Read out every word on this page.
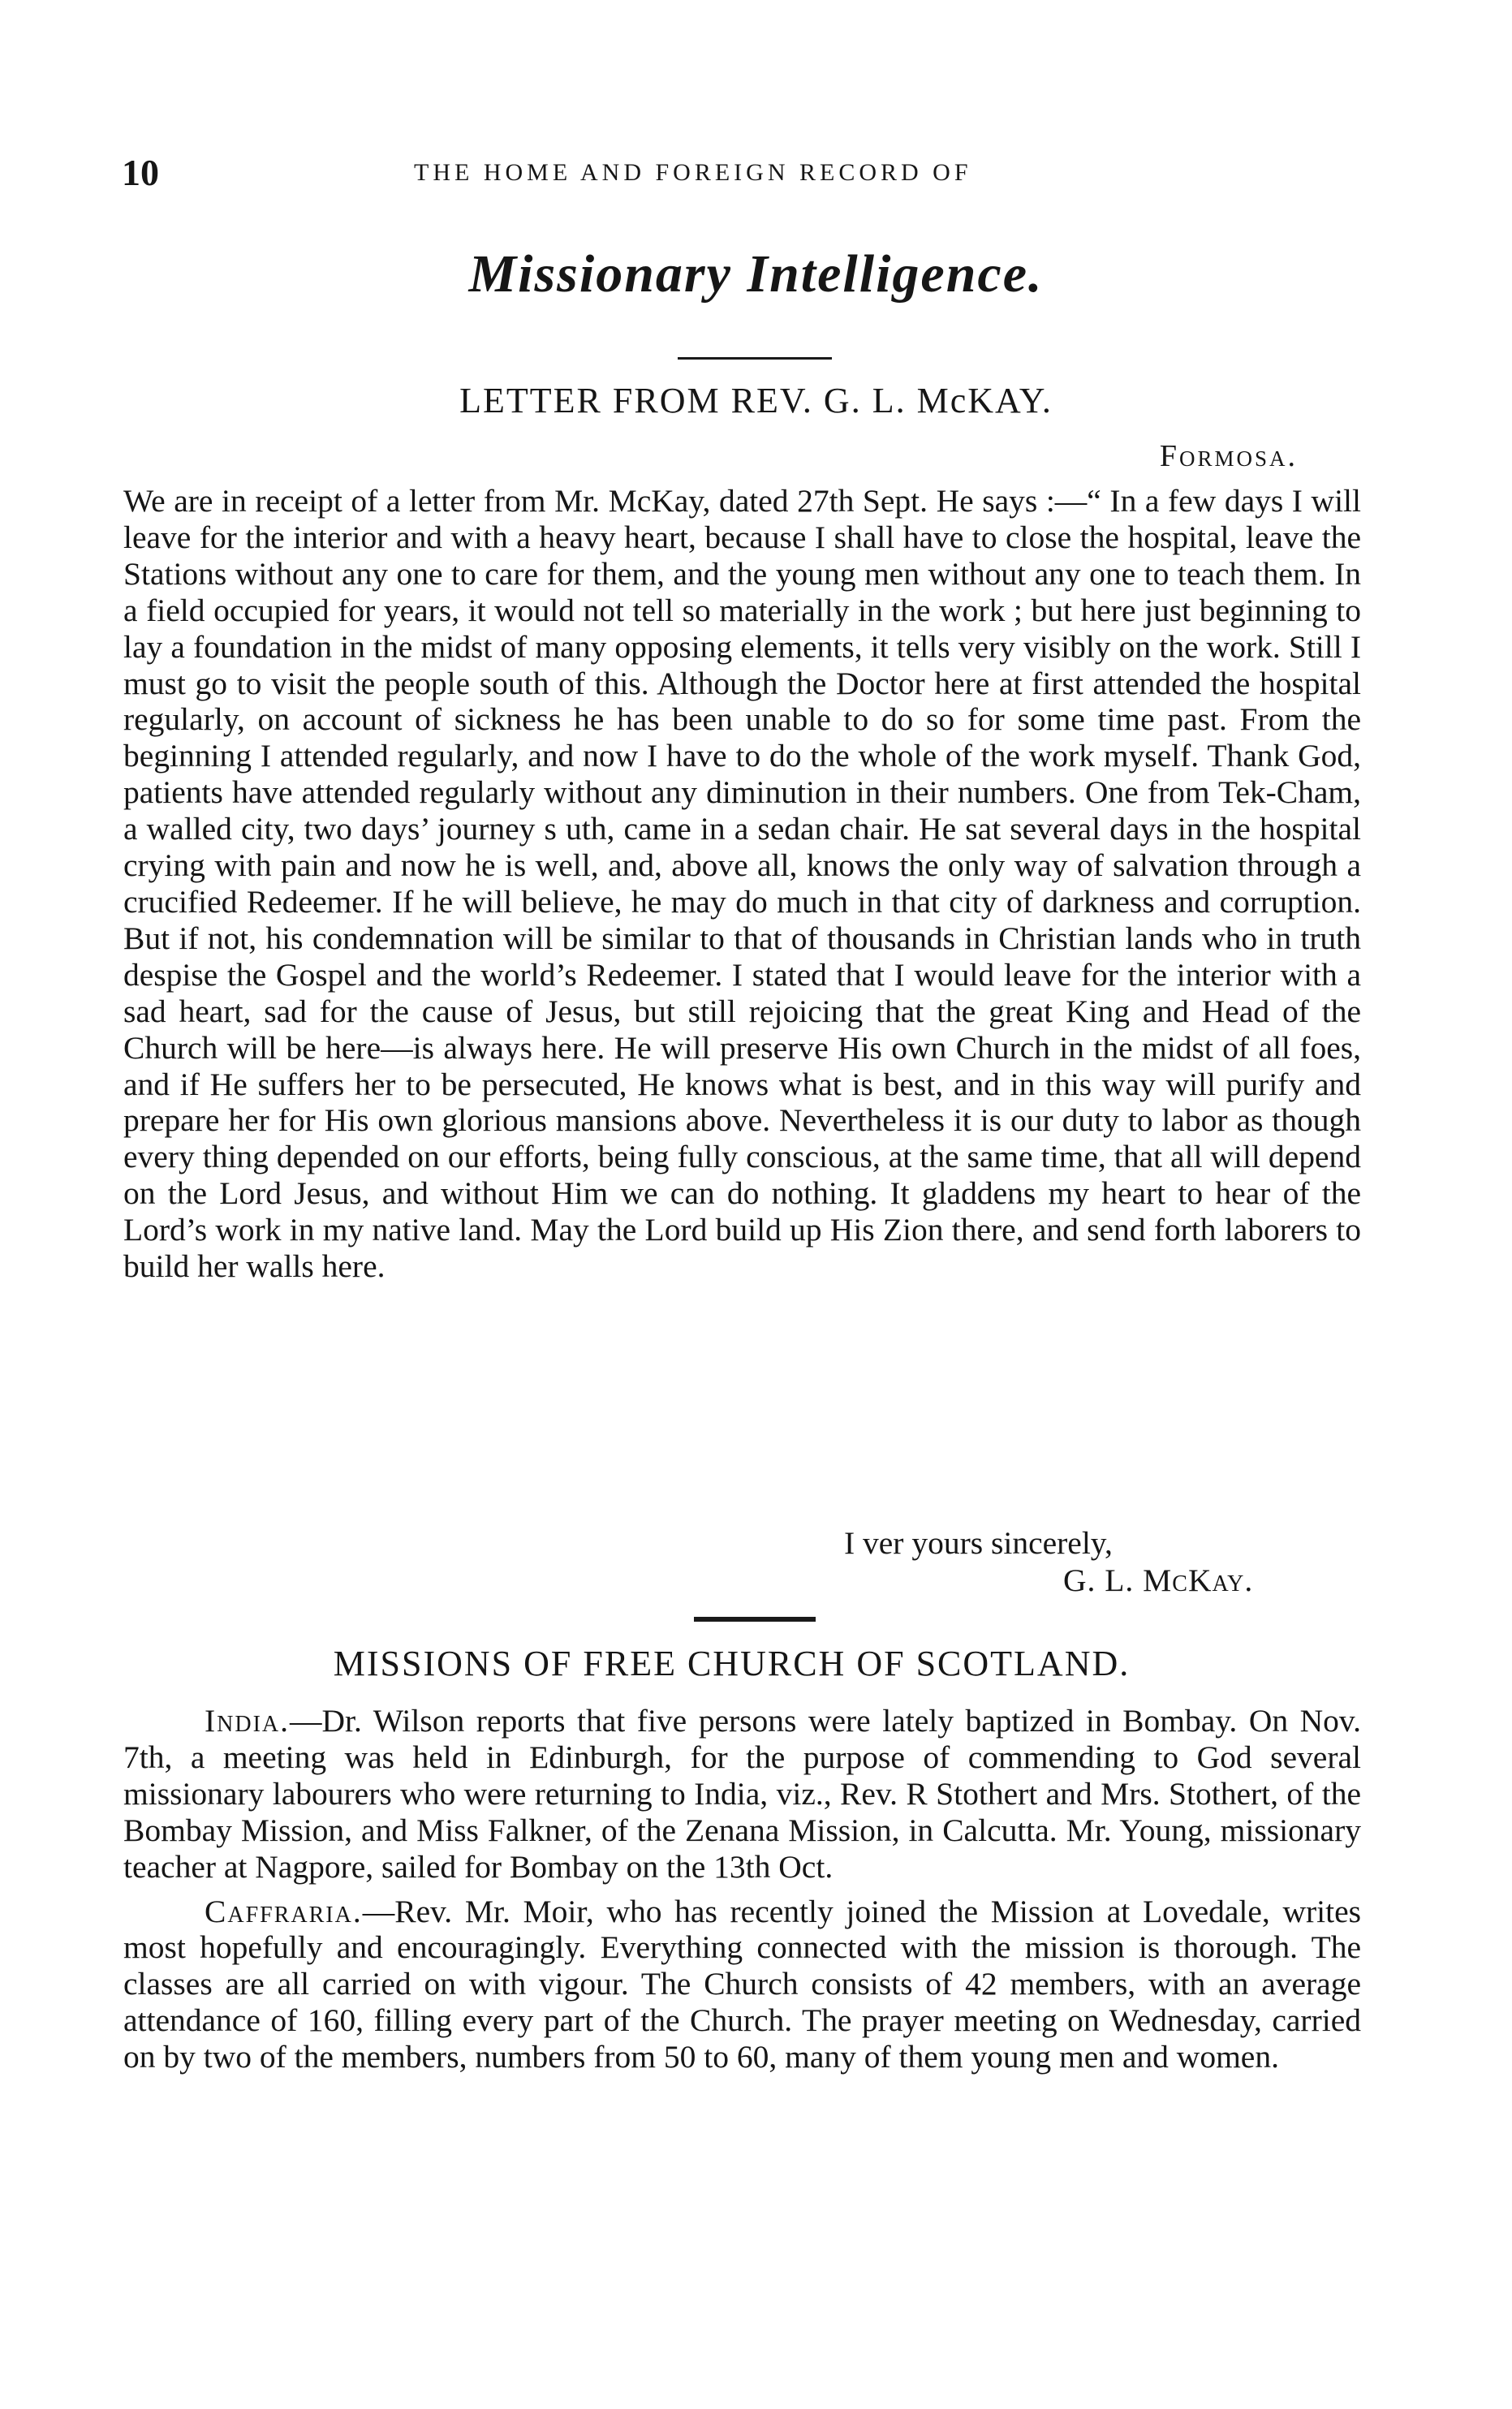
10	THE HOME AND FOREIGN RECORD OF
Missionary Intelligence.
LETTER FROM REV. G. L. McKAY.
Formosa.

We are in receipt of a letter from Mr. McKay, dated 27th Sept. He says :—“ In a few days I will leave for the interior and with a heavy heart, because I shall have to close the hospital, leave the Stations without any one to care for them, and the young men without any one to teach them. In a field occupied for years, it would not tell so materially in the work ; but here just beginning to lay a foundation in the midst of many opposing elements, it tells very visibly on the work. Still I must go to visit the people south of this. Although the Doctor here at first attended the hospital regularly, on account of sickness he has been unable to do so for some time past. From the beginning I attended regularly, and now I have to do the whole of the work myself. Thank God, patients have attended regularly without any diminution in their numbers. One from Tek-Cham, a walled city, two days’ journey s uth, came in a sedan chair. He sat several days in the hospital crying with pain and now he is well, and, above all, knows the only way of salvation through a crucified Redeemer. If he will believe, he may do much in that city of darkness and corruption. But if not, his condemnation will be similar to that of thousands in Christian lands who in truth despise the Gospel and the world’s Redeemer. I stated that I would leave for the interior with a sad heart, sad for the cause of Jesus, but still rejoicing that the great King and Head of the Church will be here—is always here. He will preserve His own Church in the midst of all foes, and if He suffers her to be persecuted, He knows what is best, and in this way will purify and prepare her for His own glorious mansions above. Nevertheless it is our duty to labor as though every thing depended on our efforts, being fully conscious, at the same time, that all will depend on the Lord Jesus, and without Him we can do nothing. It gladdens my heart to hear of the Lord’s work in my native land. May the Lord build up His Zion there, and send forth laborers to build her walls here.

I ver yours sincerely,
G. L. McKay.
MISSIONS OF FREE CHURCH OF SCOTLAND.

India.—Dr. Wilson reports that five persons were lately baptized in Bombay. On Nov. 7th, a meeting was held in Edinburgh, for the purpose of commending to God several missionary labourers who were returning to India, viz., Rev. R Stothert and Mrs. Stothert, of the Bombay Mission, and Miss Falkner, of the Zenana Mission, in Calcutta. Mr. Young, missionary teacher at Nagpore, sailed for Bombay on the 13th Oct.

Caffraria.—Rev. Mr. Moir, who has recently joined the Mission at Lovedale, writes most hopefully and encouragingly. Everything connected with the mission is thorough. The classes are all carried on with vigour. The Church consists of 42 members, with an average attendance of 160, filling every part of the Church. The prayer meeting on Wednesday, carried on by two of the members, numbers from 50 to 60, many of them young men and women.
